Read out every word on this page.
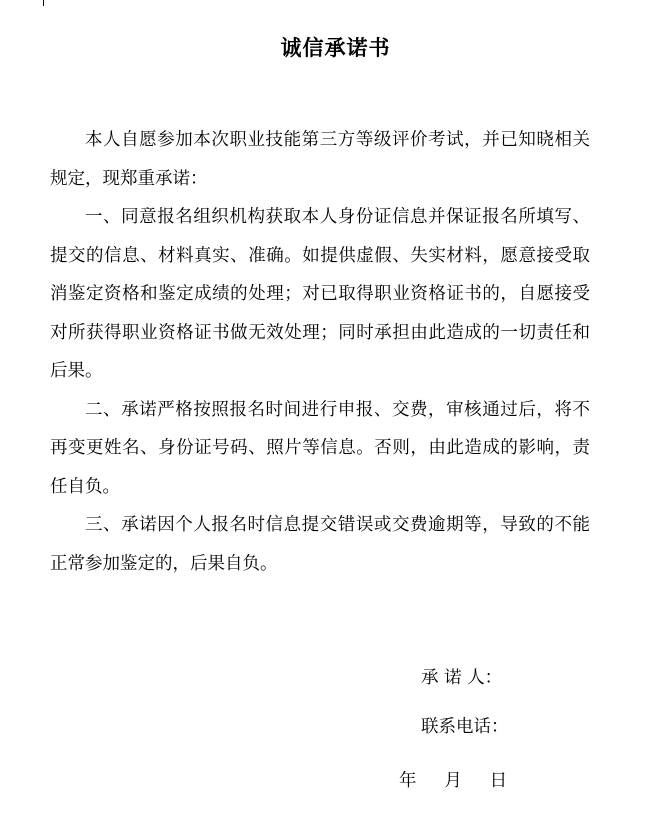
诚信承诺书

本人自愿参加本次职业技能第三方等级评价考试，并已知晓相关规定，现郑重承诺：

一、同意报名组织机构获取本人身份证信息并保证报名所填写、提交的信息、材料真实、准确。如提供虚假、失实材料，愿意接受取消鉴定资格和鉴定成绩的处理；对已取得职业资格证书的，自愿接受对所获得职业资格证书做无效处理；同时承担由此造成的一切责任和后果。

二、承诺严格按照报名时间进行申报、交费，审核通过后，将不再变更姓名、身份证号码、照片等信息。否则，由此造成的影响，责任自负。

三、承诺因个人报名时信息提交错误或交费逾期等，导致的不能正常参加鉴定的，后果自负。

承 诺 人：

联系电话：

年     月     日
